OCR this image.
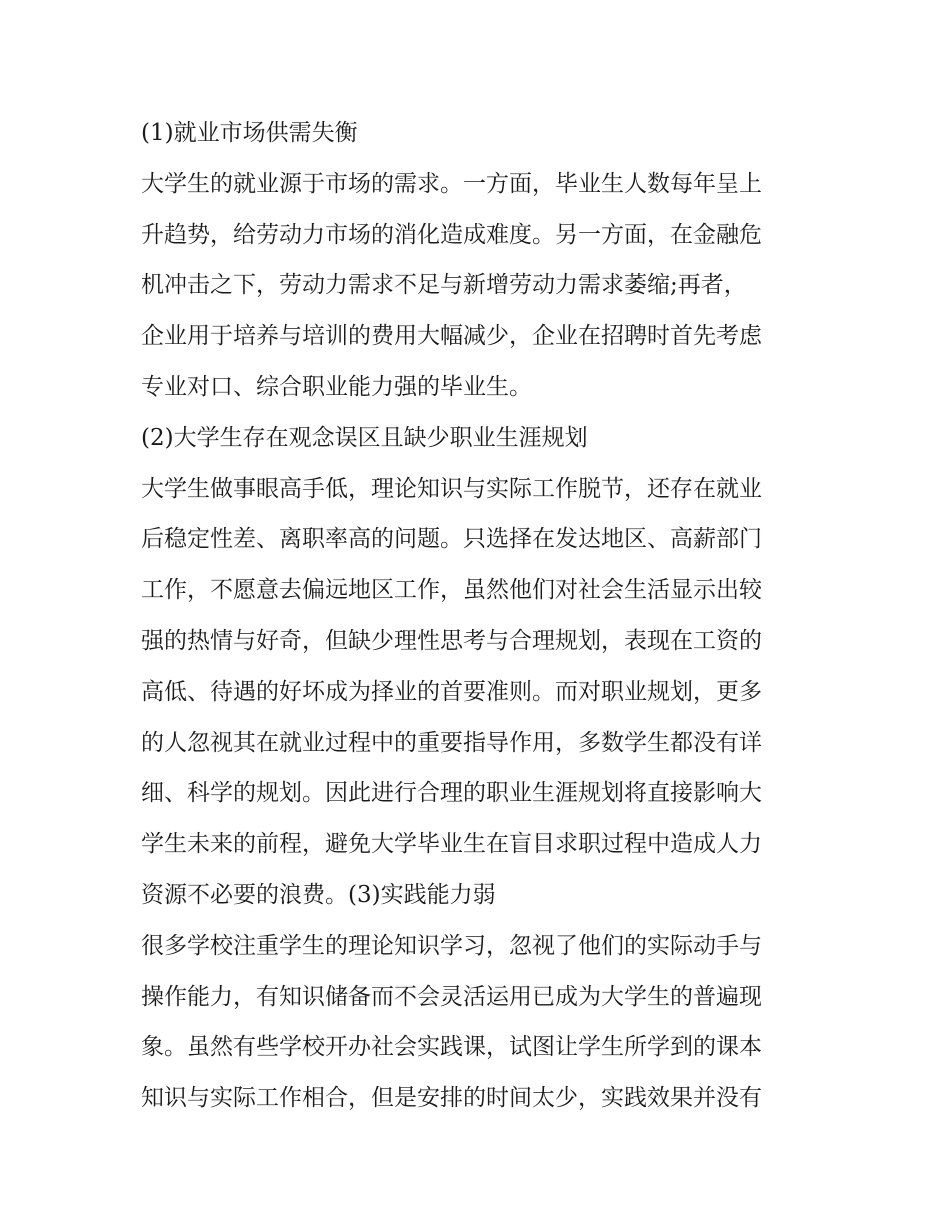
(1)就业市场供需失衡
大学生的就业源于市场的需求。一方面，毕业生人数每年呈上
升趋势，给劳动力市场的消化造成难度。另一方面，在金融危
机冲击之下，劳动力需求不足与新增劳动力需求萎缩;再者，
企业用于培养与培训的费用大幅减少，企业在招聘时首先考虑
专业对口、综合职业能力强的毕业生。
(2)大学生存在观念误区且缺少职业生涯规划
大学生做事眼高手低，理论知识与实际工作脱节，还存在就业
后稳定性差、离职率高的问题。只选择在发达地区、高薪部门
工作，不愿意去偏远地区工作，虽然他们对社会生活显示出较
强的热情与好奇，但缺少理性思考与合理规划，表现在工资的
高低、待遇的好坏成为择业的首要准则。而对职业规划，更多
的人忽视其在就业过程中的重要指导作用，多数学生都没有详
细、科学的规划。因此进行合理的职业生涯规划将直接影响大
学生未来的前程，避免大学毕业生在盲目求职过程中造成人力
资源不必要的浪费。(3)实践能力弱
很多学校注重学生的理论知识学习，忽视了他们的实际动手与
操作能力，有知识储备而不会灵活运用已成为大学生的普遍现
象。虽然有些学校开办社会实践课，试图让学生所学到的课本
知识与实际工作相合，但是安排的时间太少，实践效果并没有
